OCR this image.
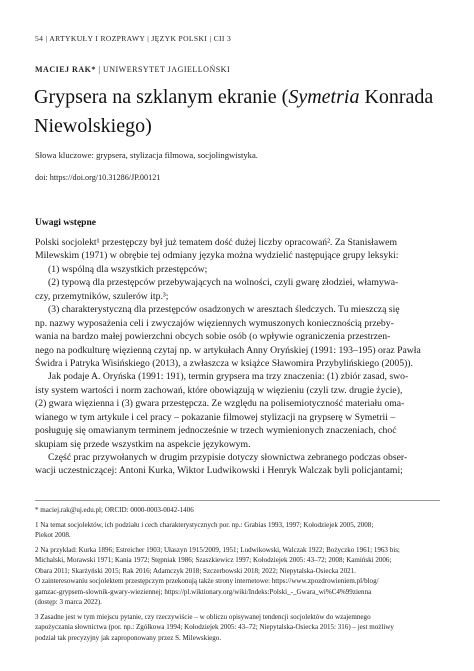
54 | ARTYKUŁY I ROZPRAWY | JĘZYK POLSKI | CII 3
MACIEJ RAK* | UNIWERSYTET JAGIELLOŃSKI
Grypsera na szklanym ekranie (Symetria Konrada Niewolskiego)
Słowa kluczowe: grypsera, stylizacja filmowa, socjolingwistyka.
doi: https://doi.org/10.31286/JP.00121
Uwagi wstępne
Polski socjolekt¹ przestępczy był już tematem dość dużej liczby opracowań². Za Stanisławem
Milewskim (1971) w obrębie tej odmiany języka można wydzielić następujące grupy leksyki:
(1) wspólną dla wszystkich przestępców;
(2) typową dla przestępców przebywających na wolności, czyli gwarę złodziei, włamywa-
czy, przemytników, szulerów itp.³;
(3) charakterystyczną dla przestępców osadzonych w aresztach śledczych. Tu mieszczą się
np. nazwy wyposażenia celi i zwyczajów więziennych wymuszonych koniecznością przeby-
wania na bardzo małej powierzchni obcych sobie osób (o wpływie ograniczenia przestrzen-
nego na podkulturę więzienną czytaj np. w artykułach Anny Oryńskiej (1991: 193–195) oraz Pawła
Świdra i Patryka Wisińskiego (2013), a zwłaszcza w książce Sławomira Przybylińskiego (2005)).
Jak podaje A. Oryńska (1991: 191), termin grypsera ma trzy znaczenia: (1) zbiór zasad, swo-
isty system wartości i norm zachowań, które obowiązują w więzieniu (czyli tzw. drugie życie),
(2) gwara więzienna i (3) gwara przestępcza. Ze względu na polisemiotyczność materiału oma-
wianego w tym artykule i cel pracy – pokazanie filmowej stylizacji na grypserę w Symetrii –
posługuję się omawianym terminem jednocześnie w trzech wymienionych znaczeniach, choć
skupiam się przede wszystkim na aspekcie językowym.
Część prac przywołanych w drugim przypisie dotyczy słownictwa zebranego podczas obser-
wacji uczestniczącej: Antoni Kurka, Wiktor Ludwikowski i Henryk Walczak byli policjantami;
* maciej.rak@uj.edu.pl; ORCID: 0000-0003-0042-1406
1 Na temat socjolektów, ich podziału i cech charakterystycznych por. np.: Grabias 1993, 1997; Kołodziejek 2005, 2008;
Piekot 2008.
2 Na przykład: Kurka 1896; Estreicher 1903; Ułaszyn 1915/2009, 1951; Ludwikowski, Walczak 1922; Bożyczko 1961; 1963 bis;
Michalski, Morawski 1971; Kania 1972; Stępniak 1986; Szaszkiewicz 1997; Kołodziejek 2005: 43–72; 2008; Kamiński 2006;
Obara 2011; Skarżyński 2015; Rak 2016; Adamczyk 2018; Szczerbowski 2018; 2022; Niepytalska-Osiecka 2021.
O zainteresowaniu socjolektem przestępczym przekonują także strony internetowe: https://www.zpozdrowieniem.pl/blog/
gamzac-grypsem-slownik-gwary-wieziennej; https://pl.wiktionary.org/wiki/Indeks:Polski_-_Gwara_wi%C4%99zienna
(dostęp: 3 marca 2022).
3 Zasadne jest w tym miejscu pytanie, czy rzeczywiście – w obliczu opisywanej tendencji socjolektów do wzajemnego
zapożyczania słownictwa (por. np.: Zgółkowa 1994; Kołodziejek 2005: 43–72; Niepytalska-Osiecka 2015: 316) – jest możliwy
podział tak precyzyjny jak zaproponowany przez S. Milewskiego.
